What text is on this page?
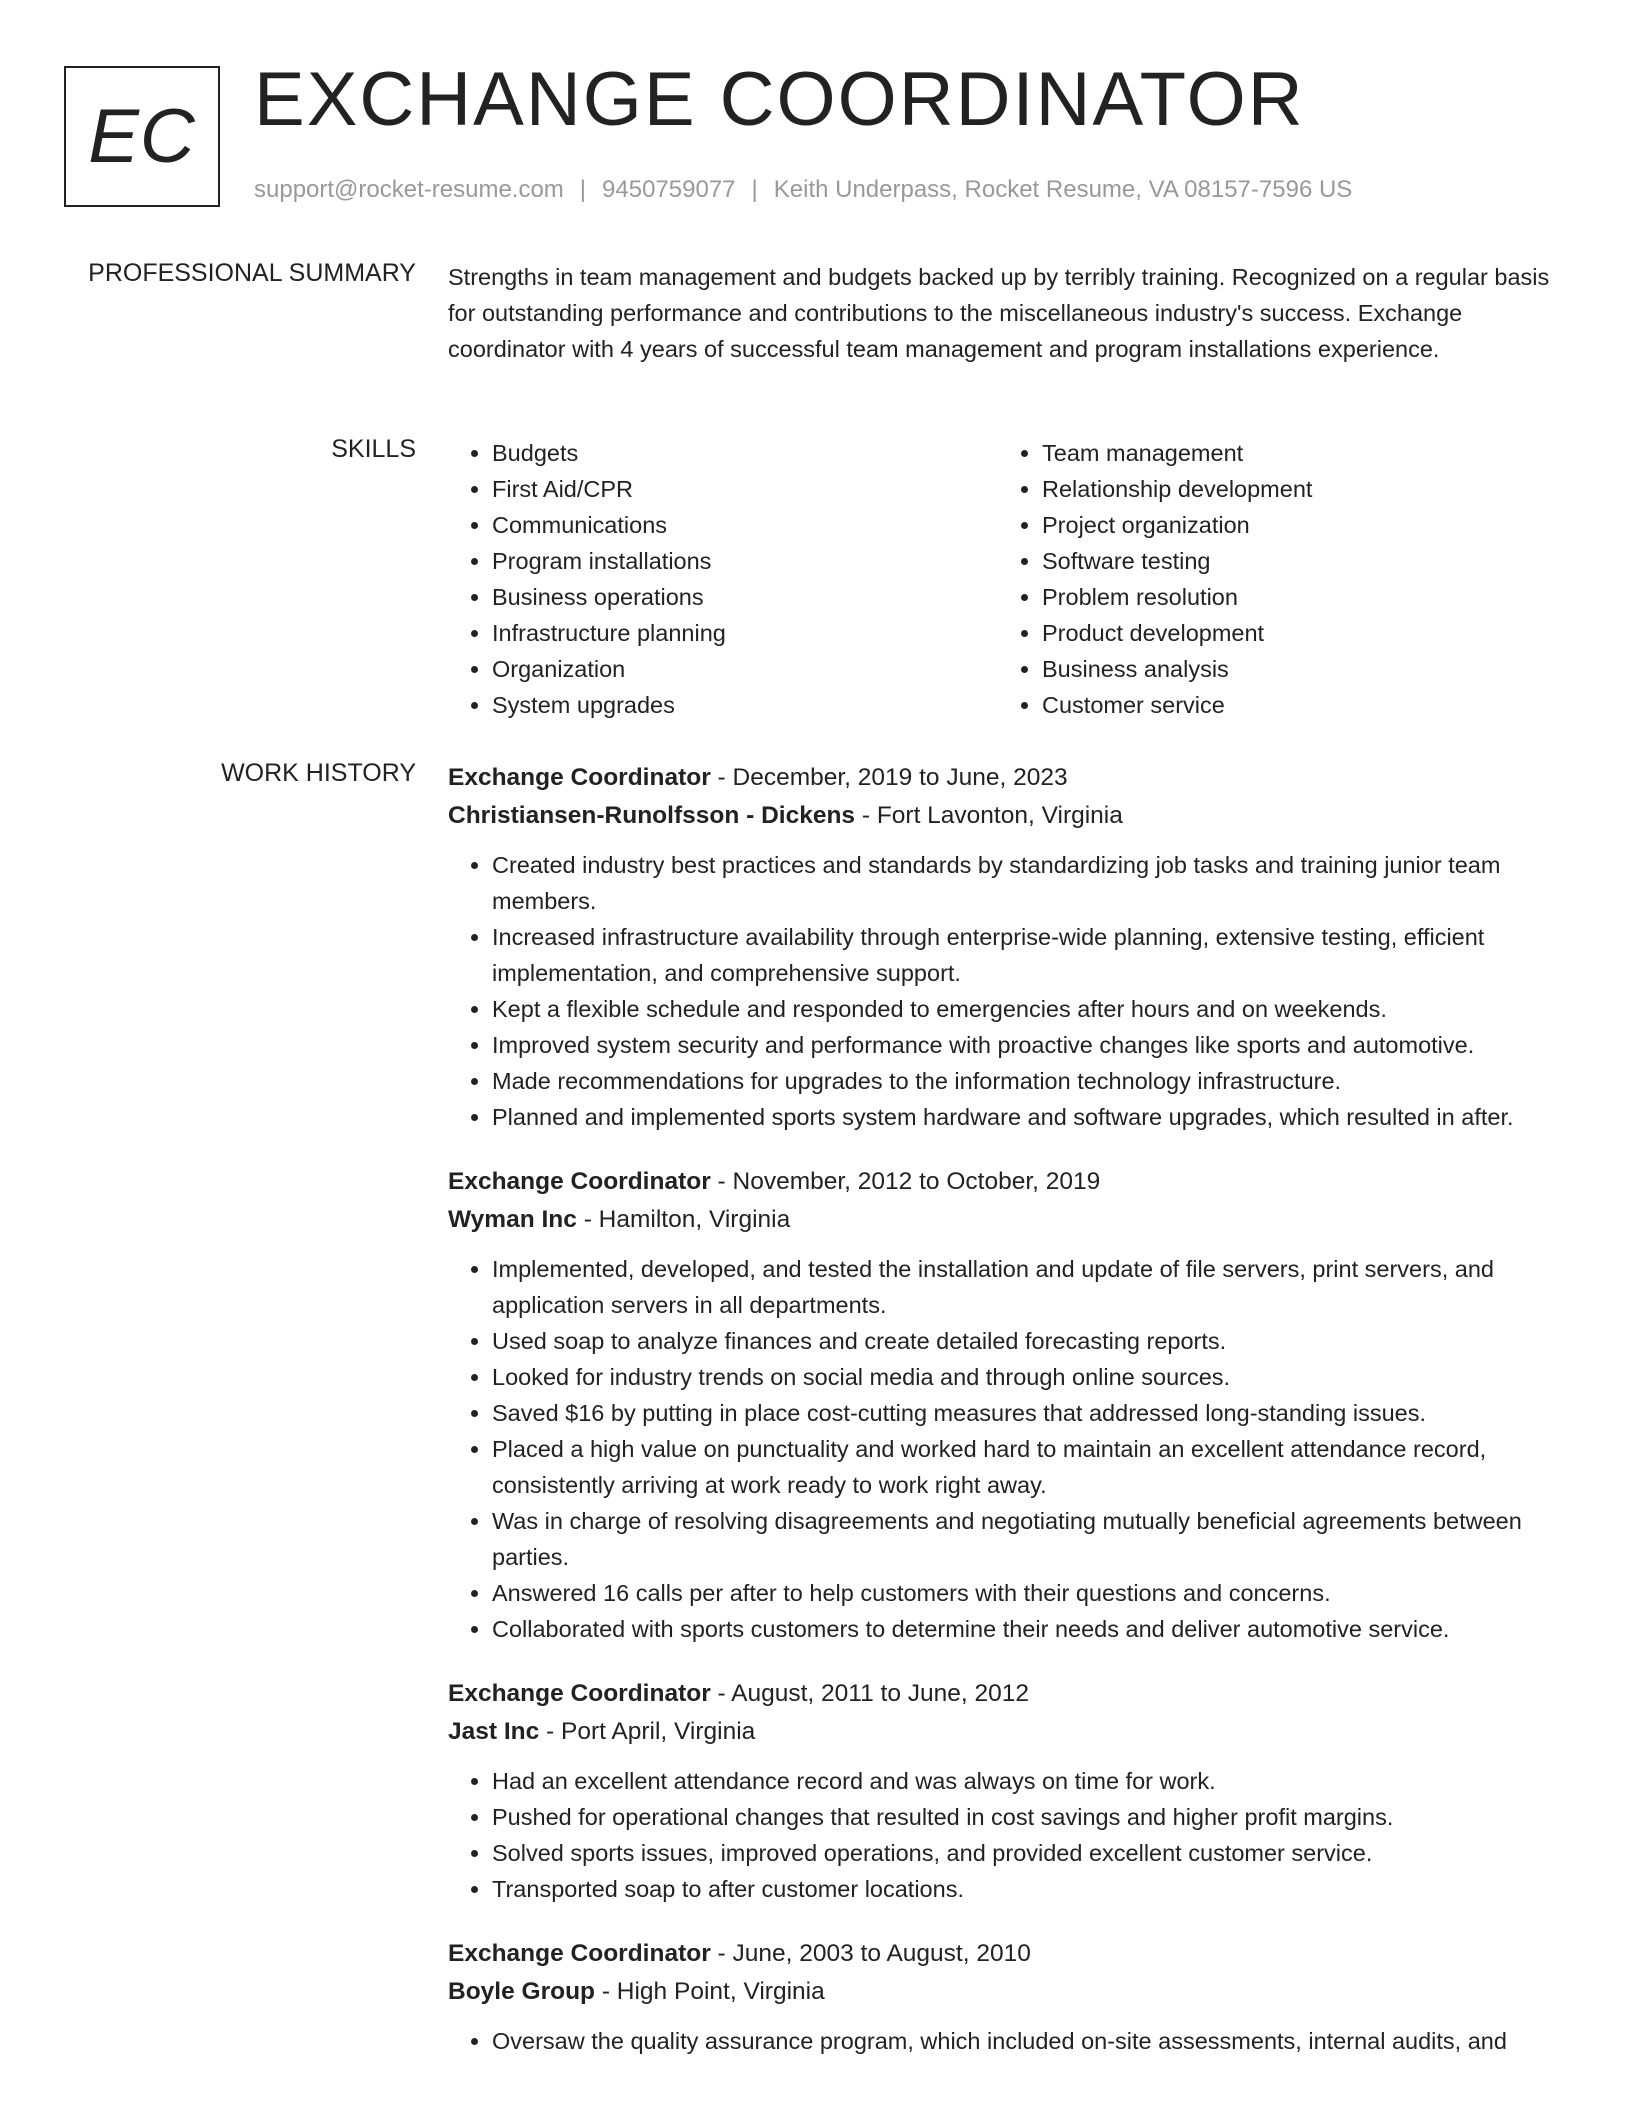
EC EXCHANGE COORDINATOR
support@rocket-resume.com | 9450759077 | Keith Underpass, Rocket Resume, VA 08157-7596 US
PROFESSIONAL SUMMARY Strengths in team management and budgets backed up by terribly training. Recognized on a regular basis for outstanding performance and contributions to the miscellaneous industry's success. Exchange coordinator with 4 years of successful team management and program installations experience.

SKILLS
•	Budgets
• First Aid/CPR
• Communications
• Program installations
• Business operations
• Infrastructure planning
• Organization
• System upgrades
• Team management
• Relationship development
• Project organization
• Software testing
• Problem resolution
• Product development
• Business analysis
• Customer service
WORK HISTORY Exchange Coordinator - December, 2019 to June, 2023
Christiansen-Runolfsson - Dickens - Fort Lavonton, Virginia
• Created industry best practices and standards by standardizing job tasks and training junior team members.
• Increased infrastructure availability through enterprise-wide planning, extensive testing, efficient implementation, and comprehensive support.
• Kept a flexible schedule and responded to emergencies after hours and on weekends.
• Improved system security and performance with proactive changes like sports and automotive.
• Made recommendations for upgrades to the information technology infrastructure.
• Planned and implemented sports system hardware and software upgrades, which resulted in after.
Exchange Coordinator - November, 2012 to October, 2019
Wyman Inc - Hamilton, Virginia
• Implemented, developed, and tested the installation and update of file servers, print servers, and application servers in all departments.
• Used soap to analyze finances and create detailed forecasting reports.
• Looked for industry trends on social media and through online sources.
• Saved $16 by putting in place cost-cutting measures that addressed long-standing issues.
• Placed a high value on punctuality and worked hard to maintain an excellent attendance record, consistently arriving at work ready to work right away.
• Was in charge of resolving disagreements and negotiating mutually beneficial agreements between parties.
• Answered 16 calls per after to help customers with their questions and concerns.
• Collaborated with sports customers to determine their needs and deliver automotive service.
Exchange Coordinator - August, 2011 to June, 2012
Jast Inc - Port April, Virginia
• Had an excellent attendance record and was always on time for work.
• Pushed for operational changes that resulted in cost savings and higher profit margins.
• Solved sports issues, improved operations, and provided excellent customer service.
• Transported soap to after customer locations.
Exchange Coordinator - June, 2003 to August, 2010
Boyle Group - High Point, Virginia
• Oversaw the quality assurance program, which included on-site assessments, internal audits, and
